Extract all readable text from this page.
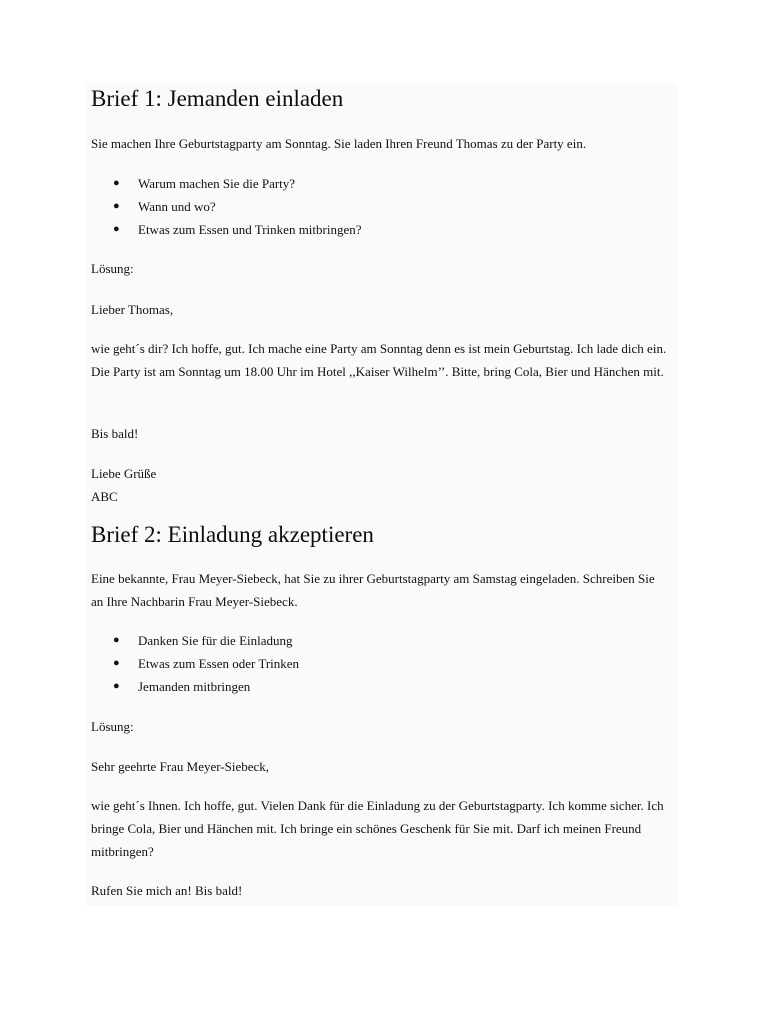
Brief 1: Jemanden einladen

Sie machen Ihre Geburtstagparty am Sonntag. Sie laden Ihren Freund Thomas zu der Party ein.

● Warum machen Sie die Party?
● Wann und wo?
● Etwas zum Essen und Trinken mitbringen?

Lösung:

Lieber Thomas,

wie geht´s dir? Ich hoffe, gut. Ich mache eine Party am Sonntag denn es ist mein Geburtstag. Ich lade dich ein. Die Party ist am Sonntag um 18.00 Uhr im Hotel ,,Kaiser Wilhelm’’. Bitte, bring Cola, Bier und Hänchen mit.

Bis bald!

Liebe Grüße

ABC

Brief 2: Einladung akzeptieren

Eine bekannte, Frau Meyer-Siebeck, hat Sie zu ihrer Geburtstagparty am Samstag eingeladen. Schreiben Sie an Ihre Nachbarin Frau Meyer-Siebeck.

● Danken Sie für die Einladung
● Etwas zum Essen oder Trinken
● Jemanden mitbringen

Lösung:

Sehr geehrte Frau Meyer-Siebeck,

wie geht´s Ihnen. Ich hoffe, gut. Vielen Dank für die Einladung zu der Geburtstagparty. Ich komme sicher. Ich bringe Cola, Bier und Hänchen mit. Ich bringe ein schönes Geschenk für Sie mit. Darf ich meinen Freund mitbringen?

Rufen Sie mich an! Bis bald!
